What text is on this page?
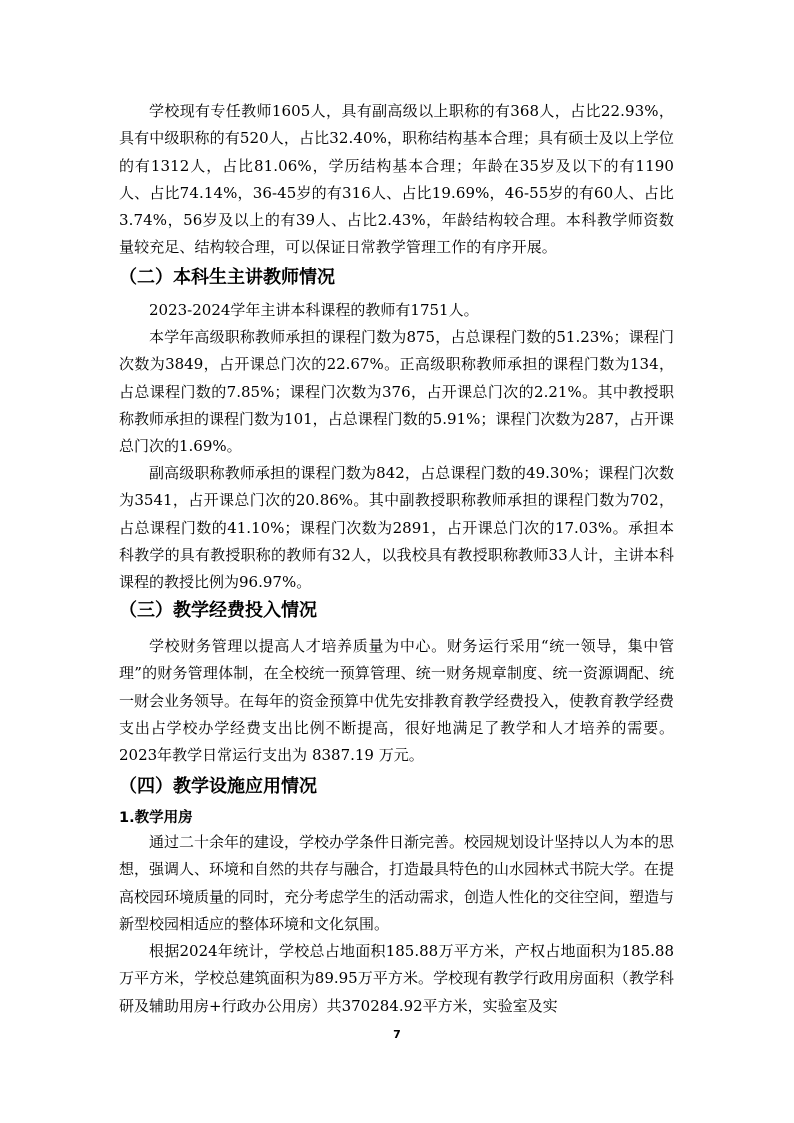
学校现有专任教师1605人，具有副高级以上职称的有368人，占比22.93%，具有中级职称的有520人，占比32.40%，职称结构基本合理；具有硕士及以上学位的有1312人，占比81.06%，学历结构基本合理；年龄在35岁及以下的有1190人、占比74.14%，36-45岁的有316人、占比19.69%，46-55岁的有60人、占比3.74%，56岁及以上的有39人、占比2.43%，年龄结构较合理。本科教学师资数量较充足、结构较合理，可以保证日常教学管理工作的有序开展。

（二）本科生主讲教师情况

2023-2024学年主讲本科课程的教师有1751人。

本学年高级职称教师承担的课程门数为875，占总课程门数的51.23%；课程门次数为3849，占开课总门次的22.67%。正高级职称教师承担的课程门数为134，占总课程门数的7.85%；课程门次数为376，占开课总门次的2.21%。其中教授职称教师承担的课程门数为101，占总课程门数的5.91%；课程门次数为287，占开课总门次的1.69%。

副高级职称教师承担的课程门数为842，占总课程门数的49.30%；课程门次数为3541，占开课总门次的20.86%。其中副教授职称教师承担的课程门数为702，占总课程门数的41.10%；课程门次数为2891，占开课总门次的17.03%。承担本科教学的具有教授职称的教师有32人，以我校具有教授职称教师33人计，主讲本科课程的教授比例为96.97%。

（三）教学经费投入情况

学校财务管理以提高人才培养质量为中心。财务运行采用“统一领导，集中管理”的财务管理体制，在全校统一预算管理、统一财务规章制度、统一资源调配、统一财会业务领导。在每年的资金预算中优先安排教育教学经费投入，使教育教学经费支出占学校办学经费支出比例不断提高，很好地满足了教学和人才培养的需要。2023年教学日常运行支出为 8387.19 万元。

（四）教学设施应用情况
1.教学用房

通过二十余年的建设，学校办学条件日渐完善。校园规划设计坚持以人为本的思想，强调人、环境和自然的共存与融合，打造最具特色的山水园林式书院大学。在提高校园环境质量的同时，充分考虑学生的活动需求，创造人性化的交往空间，塑造与新型校园相适应的整体环境和文化氛围。

根据2024年统计，学校总占地面积185.88万平方米，产权占地面积为185.88万平方米，学校总建筑面积为89.95万平方米。学校现有教学行政用房面积（教学科研及辅助用房+行政办公用房）共370284.92平方米，实验室及实

7
